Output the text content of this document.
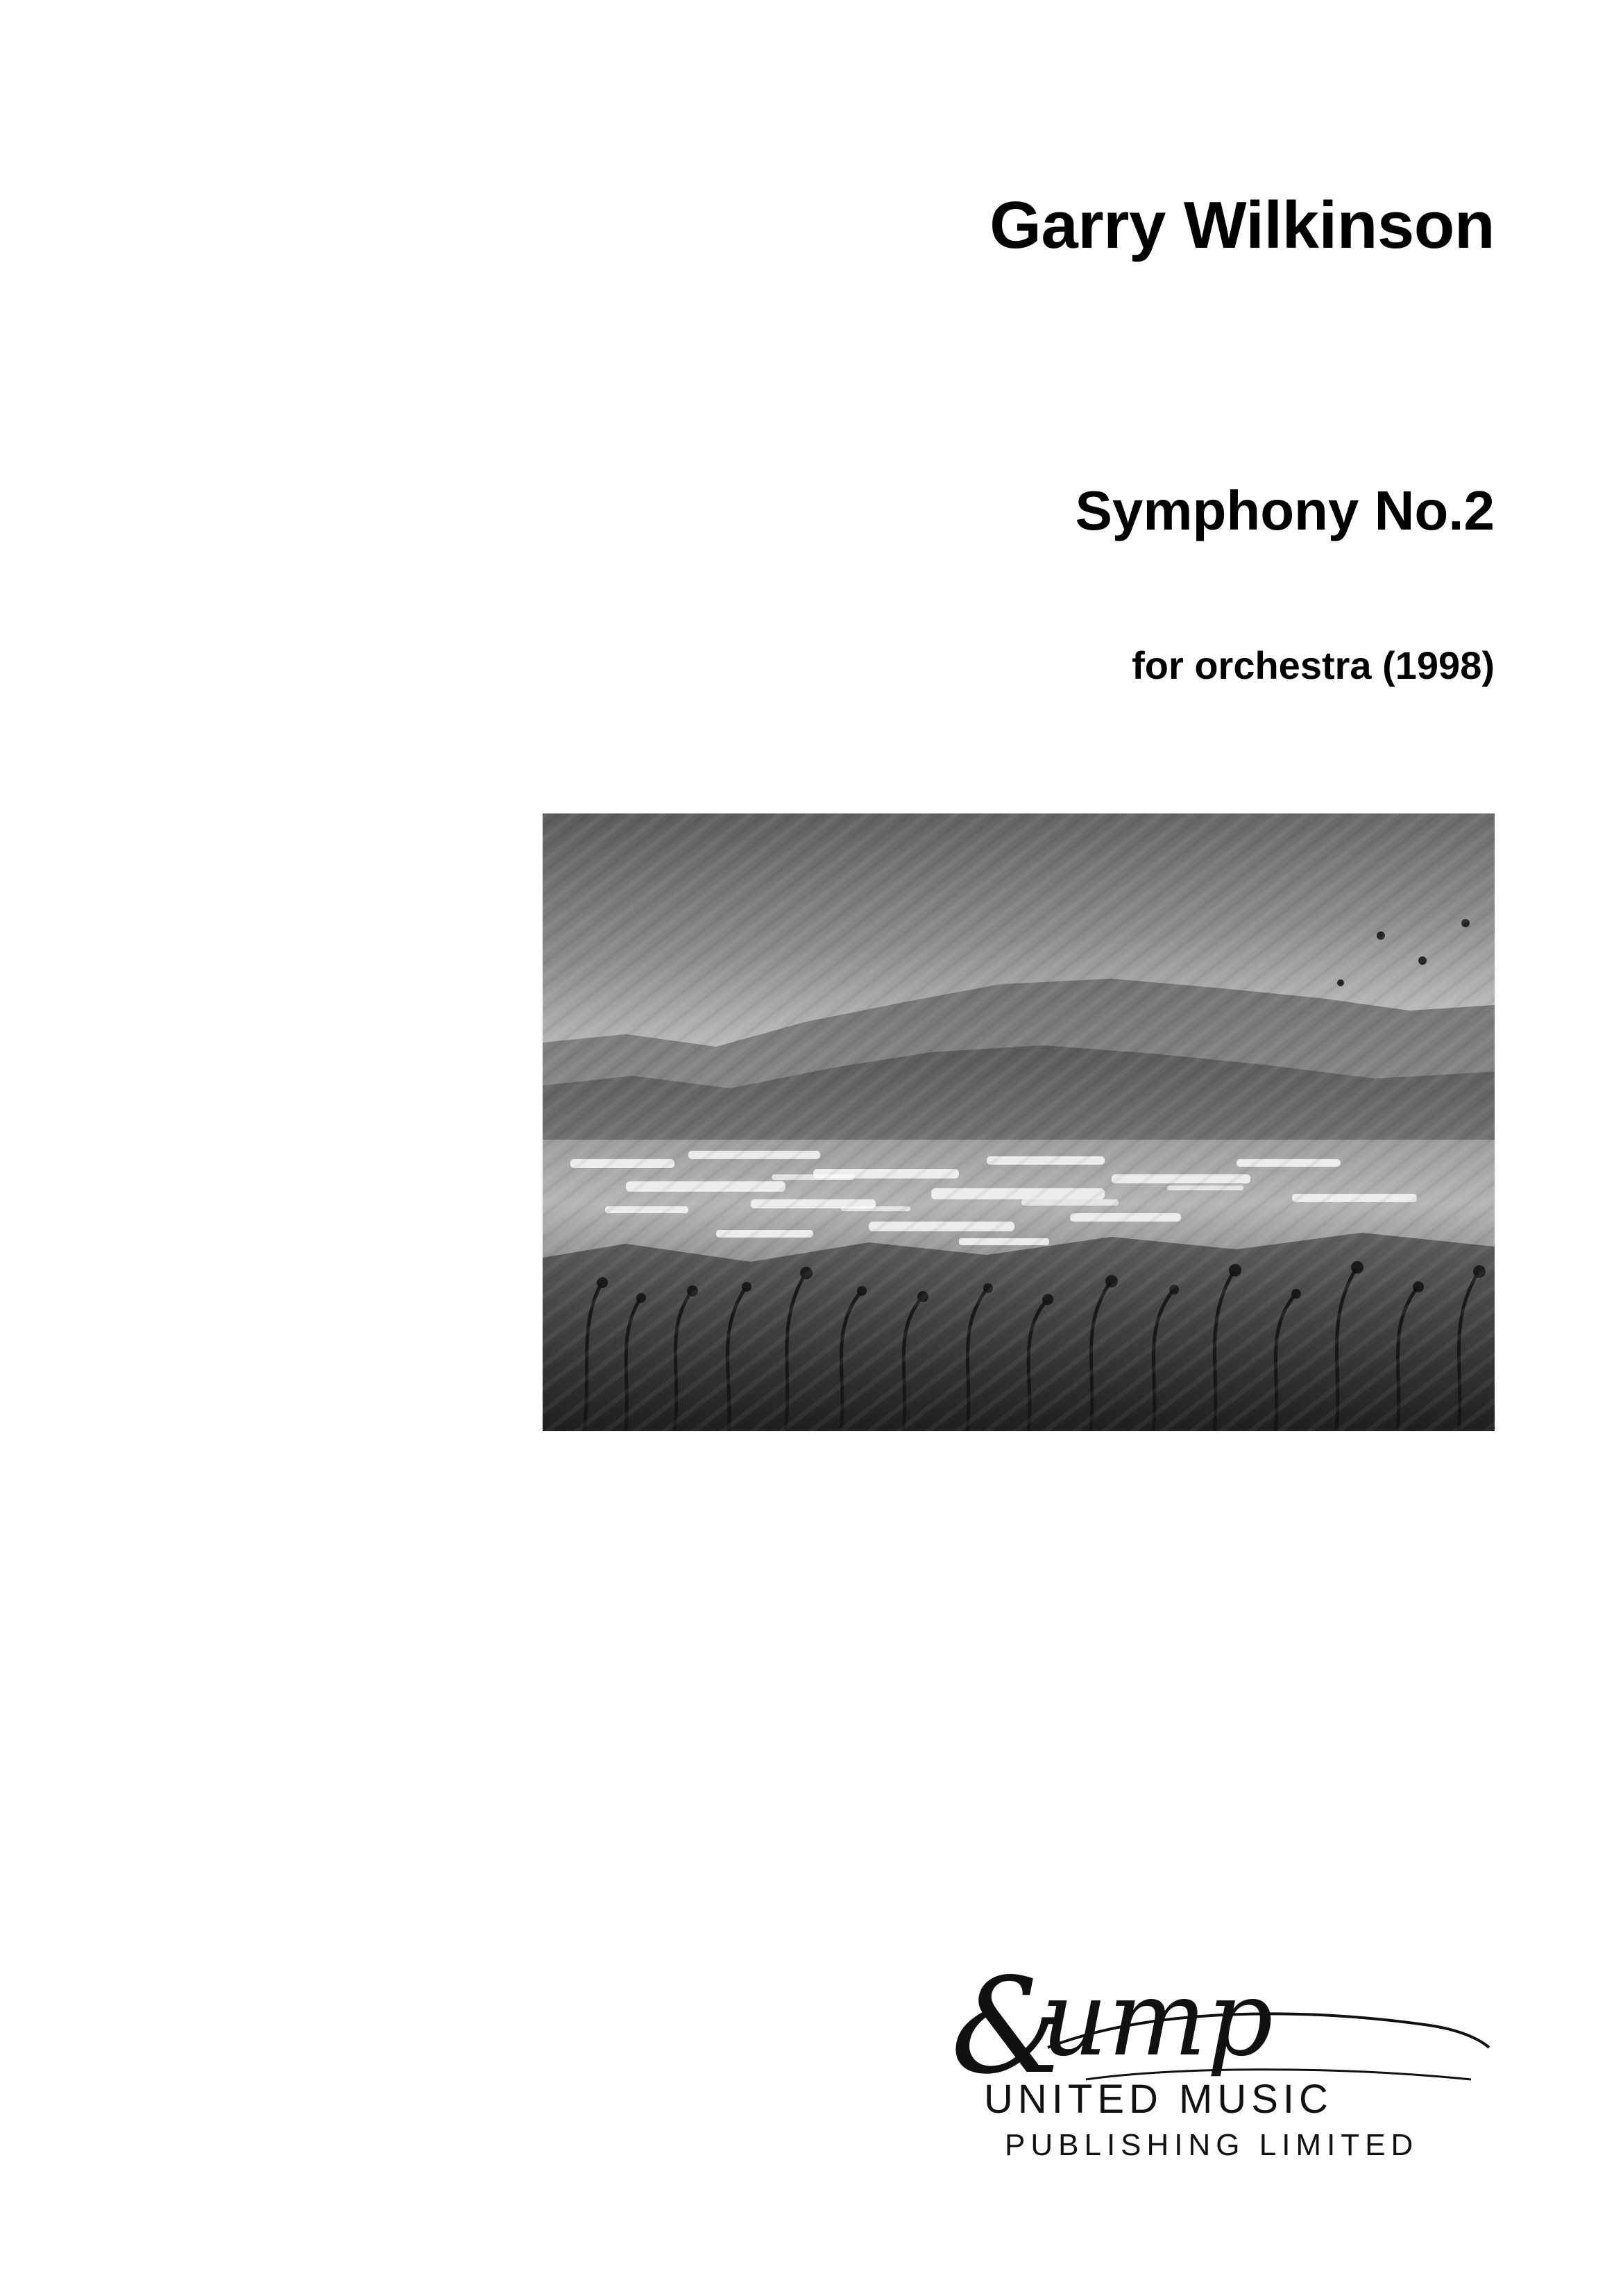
Garry Wilkinson
Symphony No.2
for orchestra (1998)
&
ump
UNITED MUSIC
PUBLISHING LIMITED
